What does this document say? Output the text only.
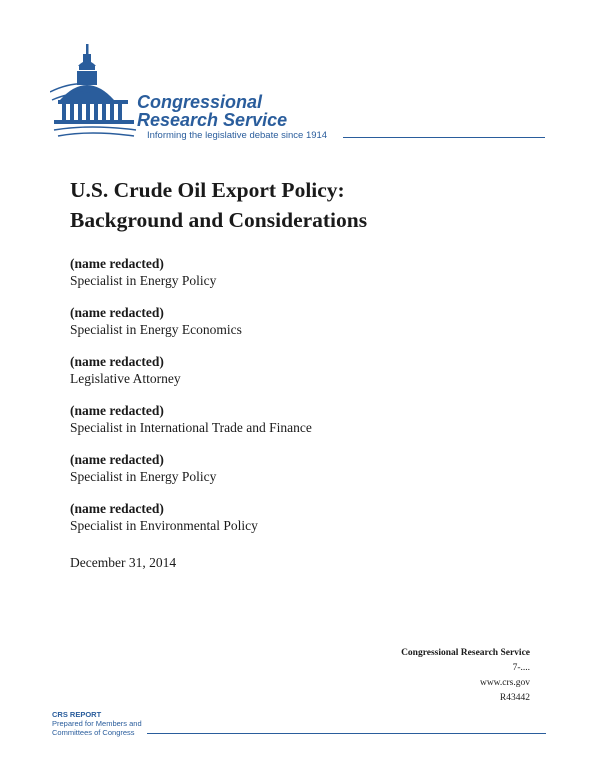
Congressional
Research Service
Informing the legislative debate since 1914
U.S. Crude Oil Export Policy:
Background and Considerations
(name redacted)
Specialist in Energy Policy
(name redacted)
Specialist in Energy Economics
(name redacted)
Legislative Attorney
(name redacted)
Specialist in International Trade and Finance
(name redacted)
Specialist in Energy Policy
(name redacted)
Specialist in Environmental Policy
December 31, 2014
Congressional Research Service
7-....
www.crs.gov
R43442
CRS REPORT
Prepared for Members and
Committees of Congress
